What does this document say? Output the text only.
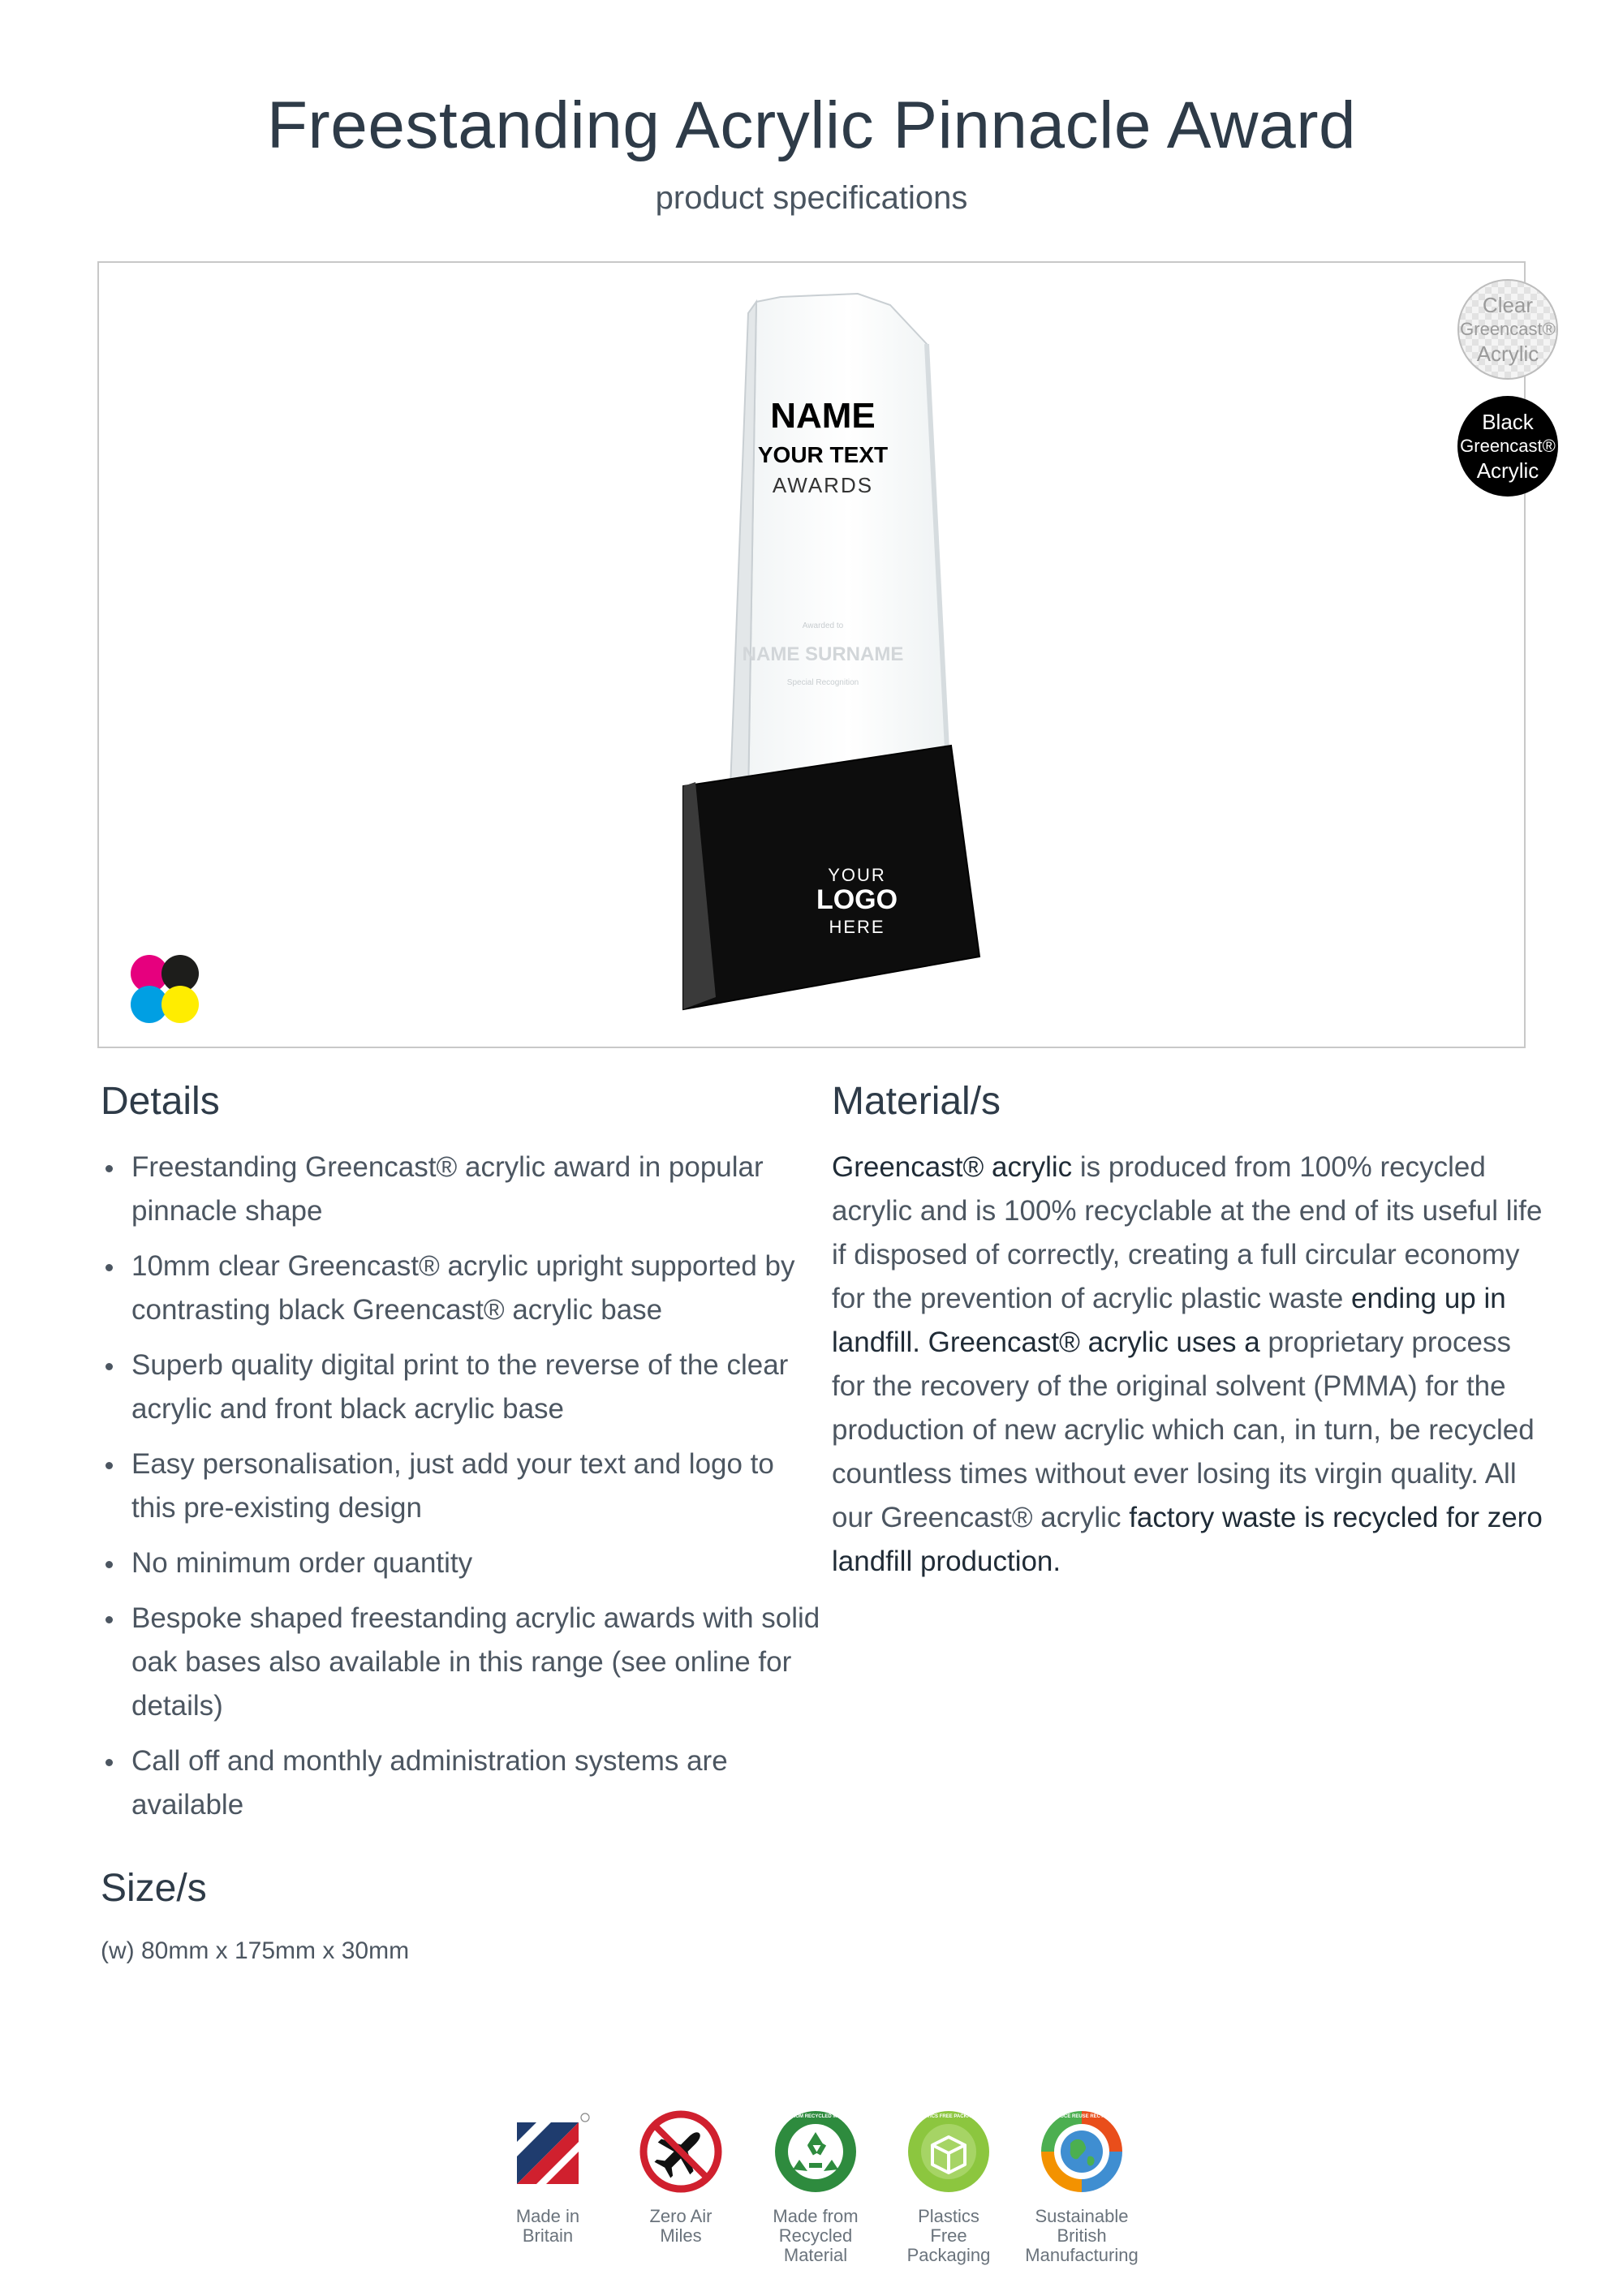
Freestanding Acrylic Pinnacle Award
product specifications
NAME
YOUR TEXT
AWARDS
Awarded to
NAME SURNAME
Special Recognition
YOUR
LOGO
HERE
Clear
Greencast®
Acrylic
Black
Greencast®
Acrylic
Details
Freestanding Greencast® acrylic award in popular pinnacle shape
10mm clear Greencast® acrylic upright supported by contrasting black Greencast® acrylic base
Superb quality digital print to the reverse of the clear acrylic and front black acrylic base
Easy personalisation, just add your text and logo to this pre-existing design
No minimum order quantity
Bespoke shaped freestanding acrylic awards with solid oak bases also available in this range (see online for details)
Call off and monthly administration systems are available
Material/s
Greencast® acrylic is produced from 100% recycled acrylic and is 100% recyclable at the end of its useful life if disposed of correctly, creating a full circular economy for the prevention of acrylic plastic waste ending up in landfill. Greencast® acrylic uses a proprietary process for the recovery of the original solvent (PMMA) for the production of new acrylic which can, in turn, be recycled countless times without ever losing its virgin quality. All our Greencast® acrylic factory waste is recycled for zero landfill production.
Size/s
(w) 80mm x 175mm x 30mm
Made in
Britain
Zero Air
Miles
MADE FROM RECYCLED MATERIAL
Made from
Recycled
Material
PLASTICS FREE PACKAGING
Plastics
Free
Packaging
REDUCE REUSE RECYCLE
Sustainable
British
Manufacturing
